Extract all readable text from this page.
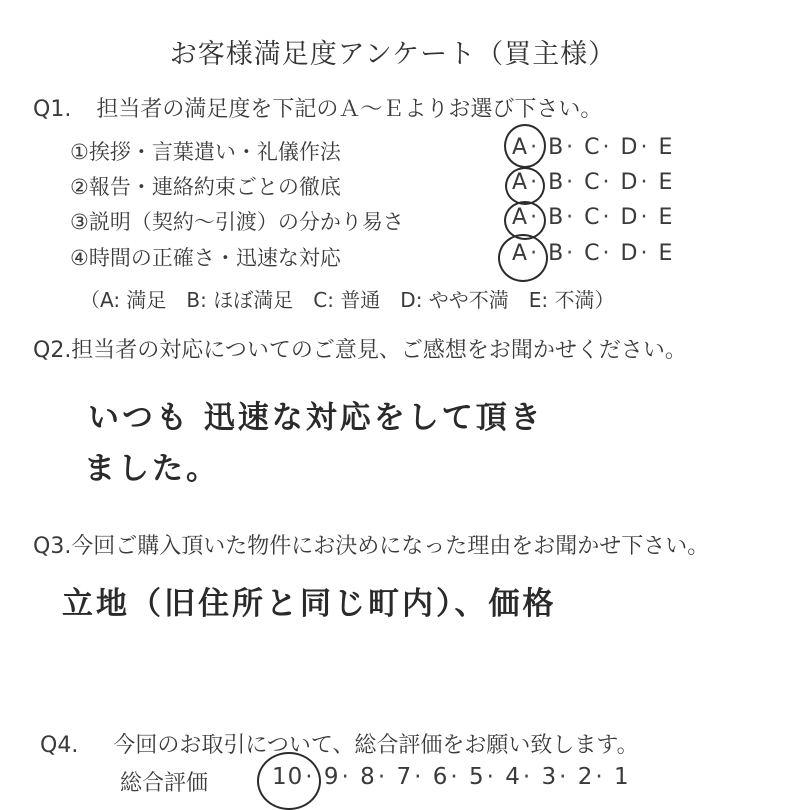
お客様満足度アンケート（買主様）
Q1. 担当者の満足度を下記のＡ～Ｅよりお選び下さい。
①挨拶・言葉遣い・礼儀作法
②報告・連絡約束ごとの徹底
③説明（契約～引渡）の分かり易さ
④時間の正確さ・迅速な対応
A· B· C· D· E
A· B· C· D· E
A· B· C· D· E
A· B· C· D· E
（A: 満足　B: ほぼ満足　C: 普通　D: やや不満　E: 不満）
Q2.担当者の対応についてのご意見、ご感想をお聞かせください。
いつも 迅速な対応をして頂き
ました。
Q3.今回ご購入頂いた物件にお決めになった理由をお聞かせ下さい。
立地（旧住所と同じ町内）、価格
Q4. 今回のお取引について、総合評価をお願い致します。
総合評価	10· 9· 8· 7· 6· 5· 4· 3· 2· 1
